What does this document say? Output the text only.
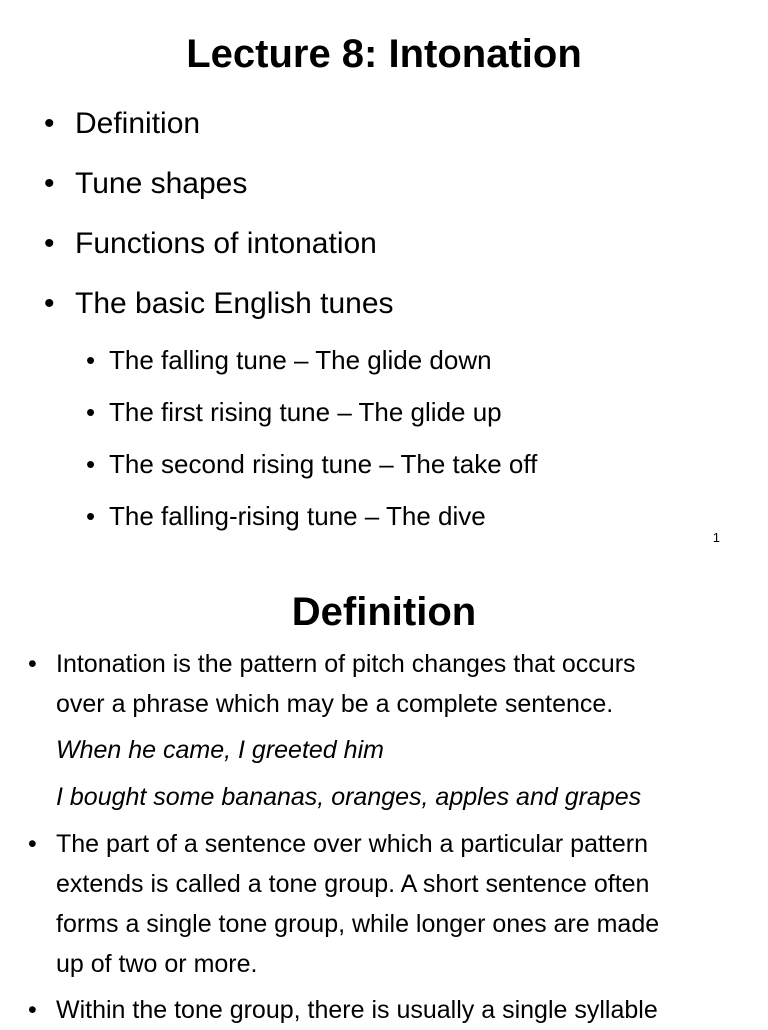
Lecture 8: Intonation
• Definition
• Tune shapes
• Functions of intonation
• The basic English tunes
• The falling tune – The glide down
• The first rising tune – The glide up
• The second rising tune – The take off
• The falling-rising tune – The dive
1
Definition
• Intonation is the pattern of pitch changes that occurs
over a phrase which may be a complete sentence.
When he came, I greeted him
I bought some bananas, oranges, apples and grapes
• The part of a sentence over which a particular pattern
extends is called a tone group. A short sentence often
forms a single tone group, while longer ones are made
up of two or more.
• Within the tone group, there is usually a single syllable
